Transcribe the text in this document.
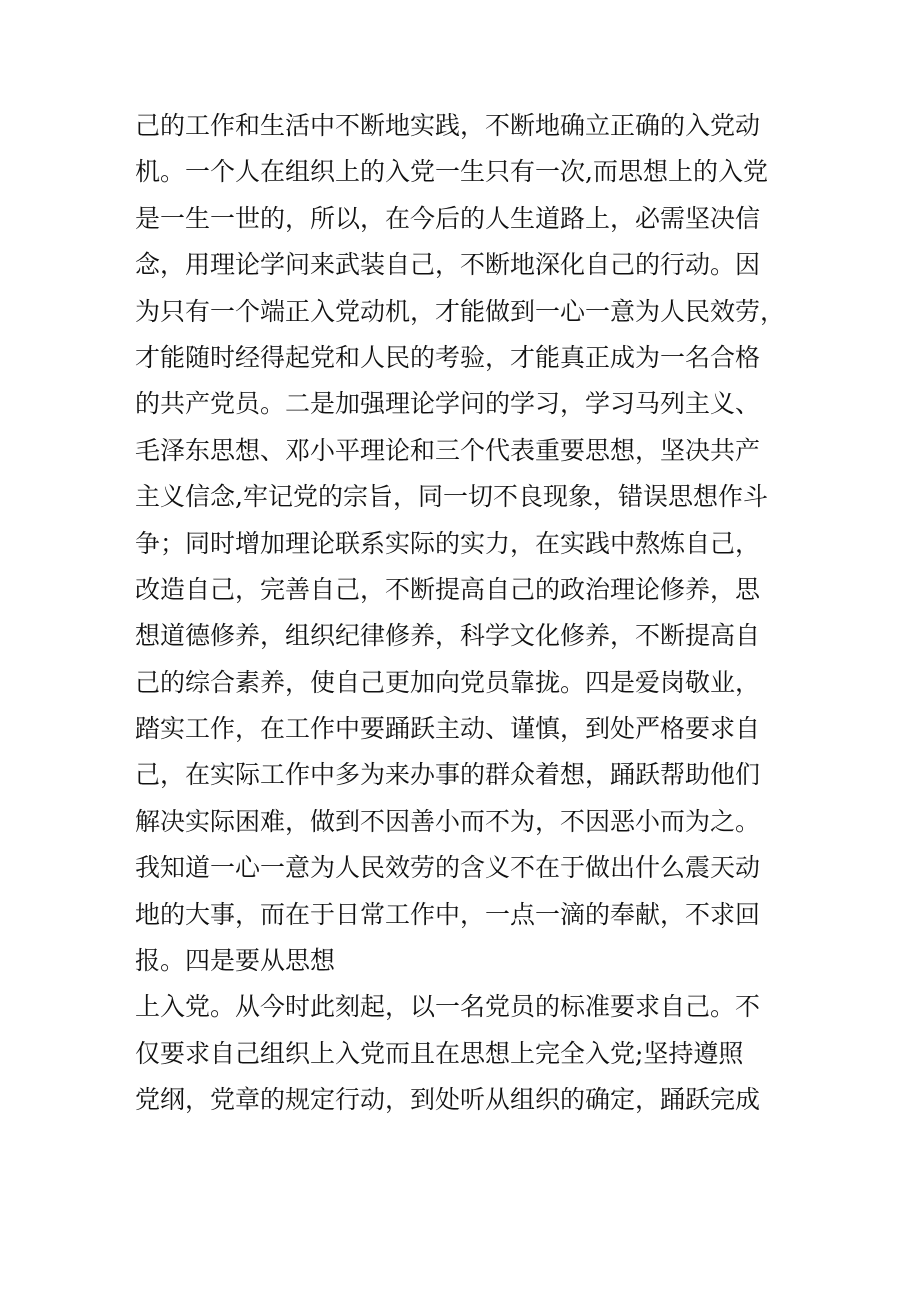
己的工作和生活中不断地实践，不断地确立正确的入党动
机。一个人在组织上的入党一生只有一次,而思想上的入党
是一生一世的，所以，在今后的人生道路上，必需坚决信
念，用理论学问来武装自己，不断地深化自己的行动。因
为只有一个端正入党动机，才能做到一心一意为人民效劳，
才能随时经得起党和人民的考验，才能真正成为一名合格
的共产党员。二是加强理论学问的学习，学习马列主义、
毛泽东思想、邓小平理论和三个代表重要思想，坚决共产
主义信念,牢记党的宗旨，同一切不良现象，错误思想作斗
争；同时增加理论联系实际的实力，在实践中熬炼自己，
改造自己，完善自己，不断提高自己的政治理论修养，思
想道德修养，组织纪律修养，科学文化修养，不断提高自
己的综合素养，使自己更加向党员靠拢。四是爱岗敬业，
踏实工作，在工作中要踊跃主动、谨慎，到处严格要求自
己，在实际工作中多为来办事的群众着想，踊跃帮助他们
解决实际困难，做到不因善小而不为，不因恶小而为之。
我知道一心一意为人民效劳的含义不在于做出什么震天动
地的大事，而在于日常工作中，一点一滴的奉献，不求回
报。四是要从思想
上入党。从今时此刻起，以一名党员的标准要求自己。不
仅要求自己组织上入党而且在思想上完全入党;坚持遵照
党纲，党章的规定行动，到处听从组织的确定，踊跃完成
